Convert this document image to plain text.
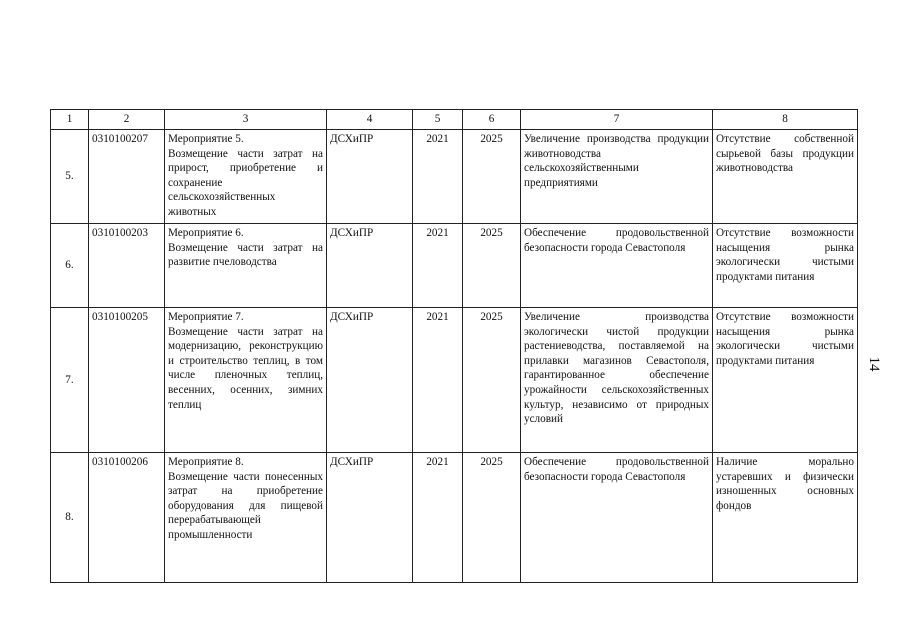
1	2	3	4	5	6	7	8
5.	0310100207	Мероприятие 5.
Возмещение части затрат на прирост, приобретение и сохранение сельскохозяйственных животных	ДСХиПР	2021	2025	Увеличение производства продукции животноводства сельскохозяйственными предприятиями	Отсутствие собственной сырьевой базы продукции животноводства
6.	0310100203	Мероприятие 6.
Возмещение части затрат на развитие пчеловодства	ДСХиПР	2021	2025	Обеспечение продовольственной безопасности города Севастополя	Отсутствие возможности насыщения рынка экологически чистыми продуктами питания
7.	0310100205	Мероприятие 7.
Возмещение части затрат на модернизацию, реконструкцию и строительство теплиц, в том числе пленочных теплиц, весенних, осенних, зимних теплиц	ДСХиПР	2021	2025	Увеличение производства экологически чистой продукции растениеводства, поставляемой на прилавки магазинов Севастополя, гарантированное обеспечение урожайности сельскохозяйственных культур, независимо от природных условий	Отсутствие возможности насыщения рынка экологически чистыми продуктами питания
8.	0310100206	Мероприятие 8.
Возмещение части понесенных затрат на приобретение оборудования для пищевой перерабатывающей промышленности	ДСХиПР	2021	2025	Обеспечение продовольственной безопасности города Севастополя	Наличие морально устаревших и физически изношенных основных фондов
14
